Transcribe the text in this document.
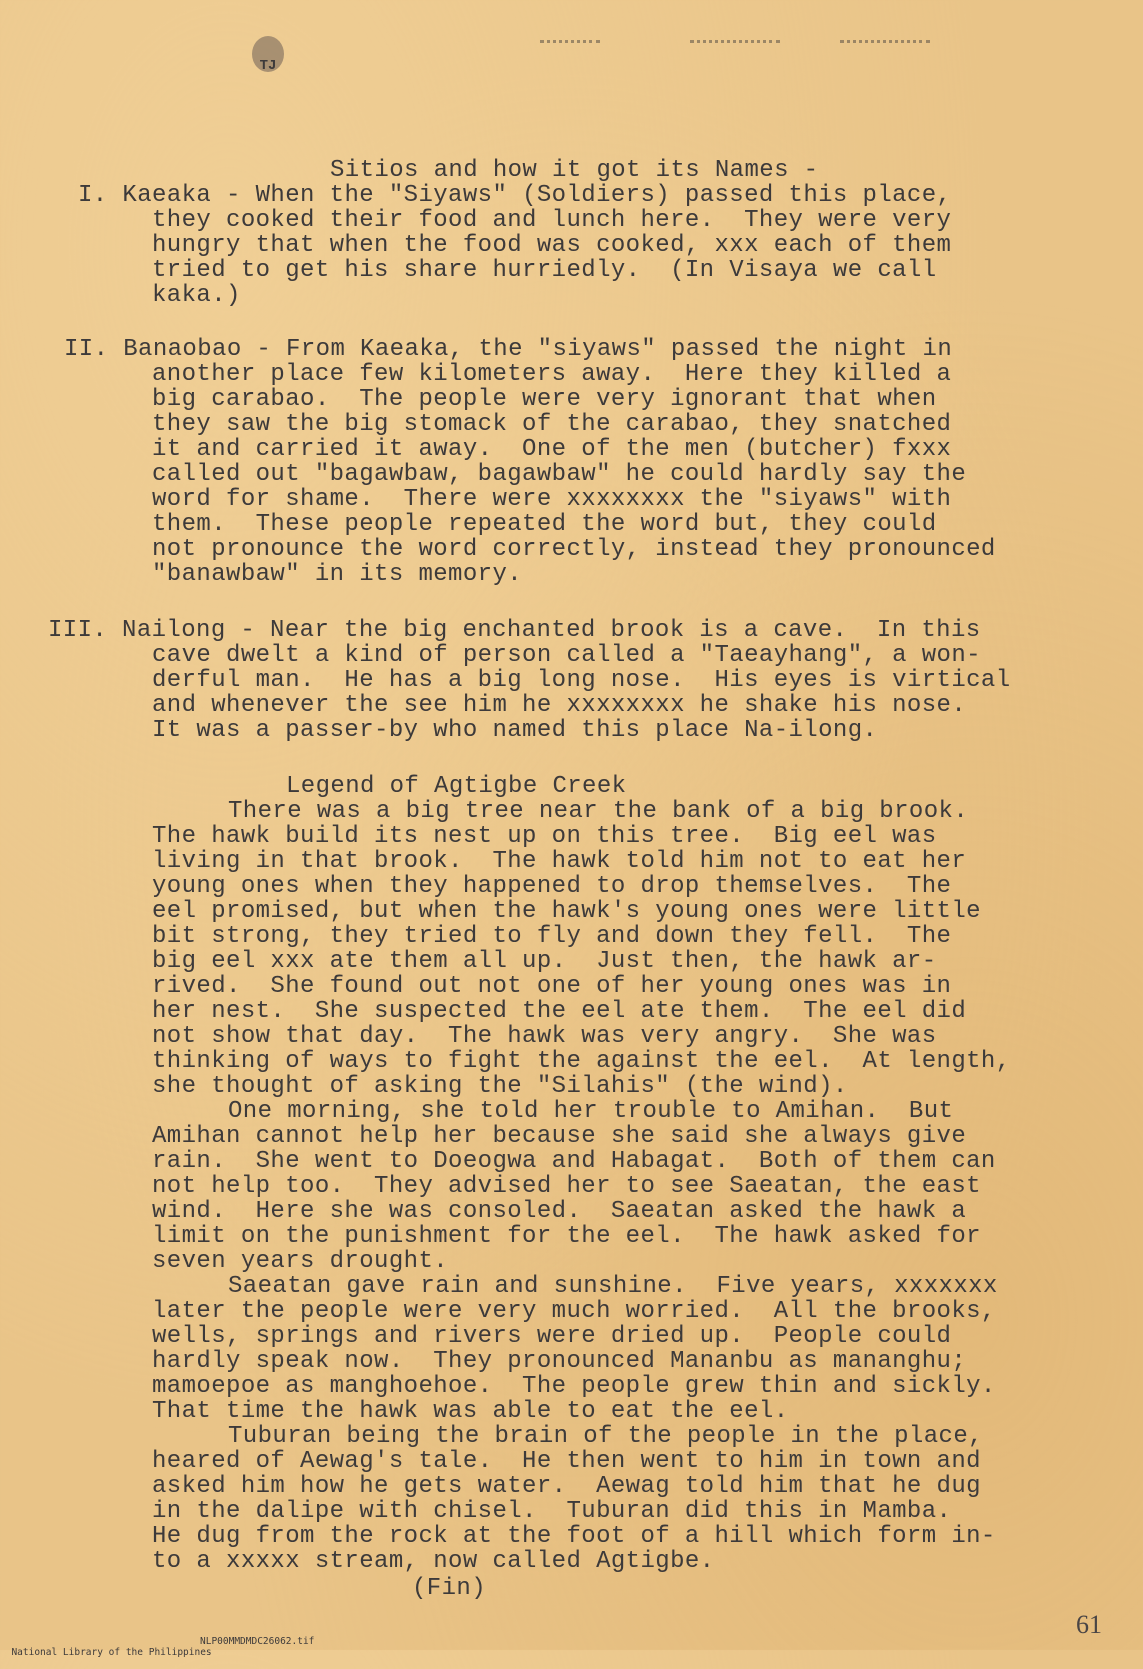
TJ
Sitios and how it got its Names -
I. Kaeaka - When the "Siyaws" (Soldiers) passed this place,
they cooked their food and lunch here.  They were very
hungry that when the food was cooked, xxx each of them
tried to get his share hurriedly.  (In Visaya we call
kaka.)
II. Banaobao - From Kaeaka, the "siyaws" passed the night in
another place few kilometers away.  Here they killed a
big carabao.  The people were very ignorant that when
they saw the big stomack of the carabao, they snatched
it and carried it away.  One of the men (butcher) fxxx
called out "bagawbaw, bagawbaw" he could hardly say the
word for shame.  There were xxxxxxxx the "siyaws" with
them.  These people repeated the word but, they could
not pronounce the word correctly, instead they pronounced
"banawbaw" in its memory.
III. Nailong - Near the big enchanted brook is a cave.  In this
cave dwelt a kind of person called a "Taeayhang", a won-
derful man.  He has a big long nose.  His eyes is virtical
and whenever the see him he xxxxxxxx he shake his nose.
It was a passer-by who named this place Na-ilong.
Legend of Agtigbe Creek
There was a big tree near the bank of a big brook.
The hawk build its nest up on this tree.  Big eel was
living in that brook.  The hawk told him not to eat her
young ones when they happened to drop themselves.  The
eel promised, but when the hawk's young ones were little
bit strong, they tried to fly and down they fell.  The
big eel xxx ate them all up.  Just then, the hawk ar-
rived.  She found out not one of her young ones was in
her nest.  She suspected the eel ate them.  The eel did
not show that day.  The hawk was very angry.  She was
thinking of ways to fight the against the eel.  At length,
she thought of asking the "Silahis" (the wind).
One morning, she told her trouble to Amihan.  But
Amihan cannot help her because she said she always give
rain.  She went to Doeogwa and Habagat.  Both of them can
not help too.  They advised her to see Saeatan, the east
wind.  Here she was consoled.  Saeatan asked the hawk a
limit on the punishment for the eel.  The hawk asked for
seven years drought.
Saeatan gave rain and sunshine.  Five years, xxxxxxx
later the people were very much worried.  All the brooks,
wells, springs and rivers were dried up.  People could
hardly speak now.  They pronounced Mananbu as mananghu;
mamoepoe as manghoehoe.  The people grew thin and sickly.
That time the hawk was able to eat the eel.
Tuburan being the brain of the people in the place,
heared of Aewag's tale.  He then went to him in town and
asked him how he gets water.  Aewag told him that he dug
in the dalipe with chisel.  Tuburan did this in Mamba.
He dug from the rock at the foot of a hill which form in-
to a xxxxx stream, now called Agtigbe.
(Fin)
61

National Library of the Philippines

NLP00MMDMDC26062.tif
